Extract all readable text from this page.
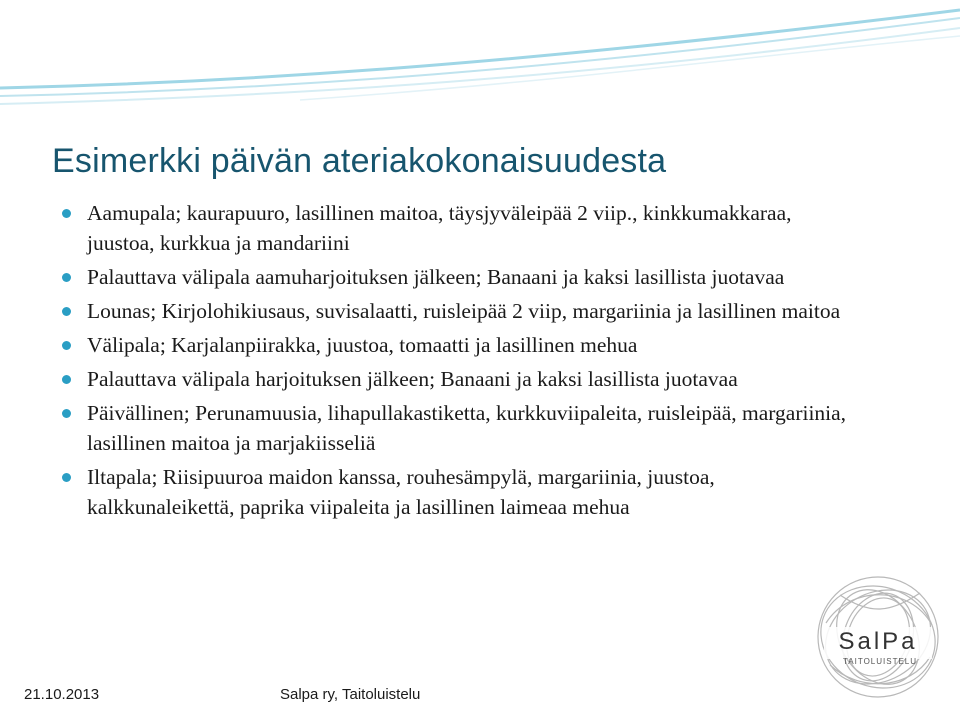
Esimerkki päivän ateriakokonaisuudesta
Aamupala; kaurapuuro, lasillinen maitoa, täysjyväleipää 2 viip., kinkkumakkaraa, juustoa, kurkkua ja mandariini
Palauttava välipala aamuharjoituksen jälkeen; Banaani ja kaksi lasillista juotavaa
Lounas; Kirjolohikiusaus, suvisalaatti, ruisleipää 2 viip, margariinia ja lasillinen maitoa
Välipala; Karjalanpiirakka, juustoa, tomaatti ja lasillinen mehua
Palauttava välipala harjoituksen jälkeen; Banaani ja kaksi lasillista juotavaa
Päivällinen; Perunamuusia, lihapullakastiketta, kurkkuviipaleita, ruisleipää, margariinia, lasillinen maitoa ja marjakiisseliä
Iltapala; Riisipuuroa maidon kanssa, rouhesämpylä, margariinia, juustoa, kalkkunaleikettä, paprika viipaleita ja lasillinen laimeaa mehua
SalPa
TAITOLUISTELU
21.10.2013	Salpa ry, Taitoluistelu
